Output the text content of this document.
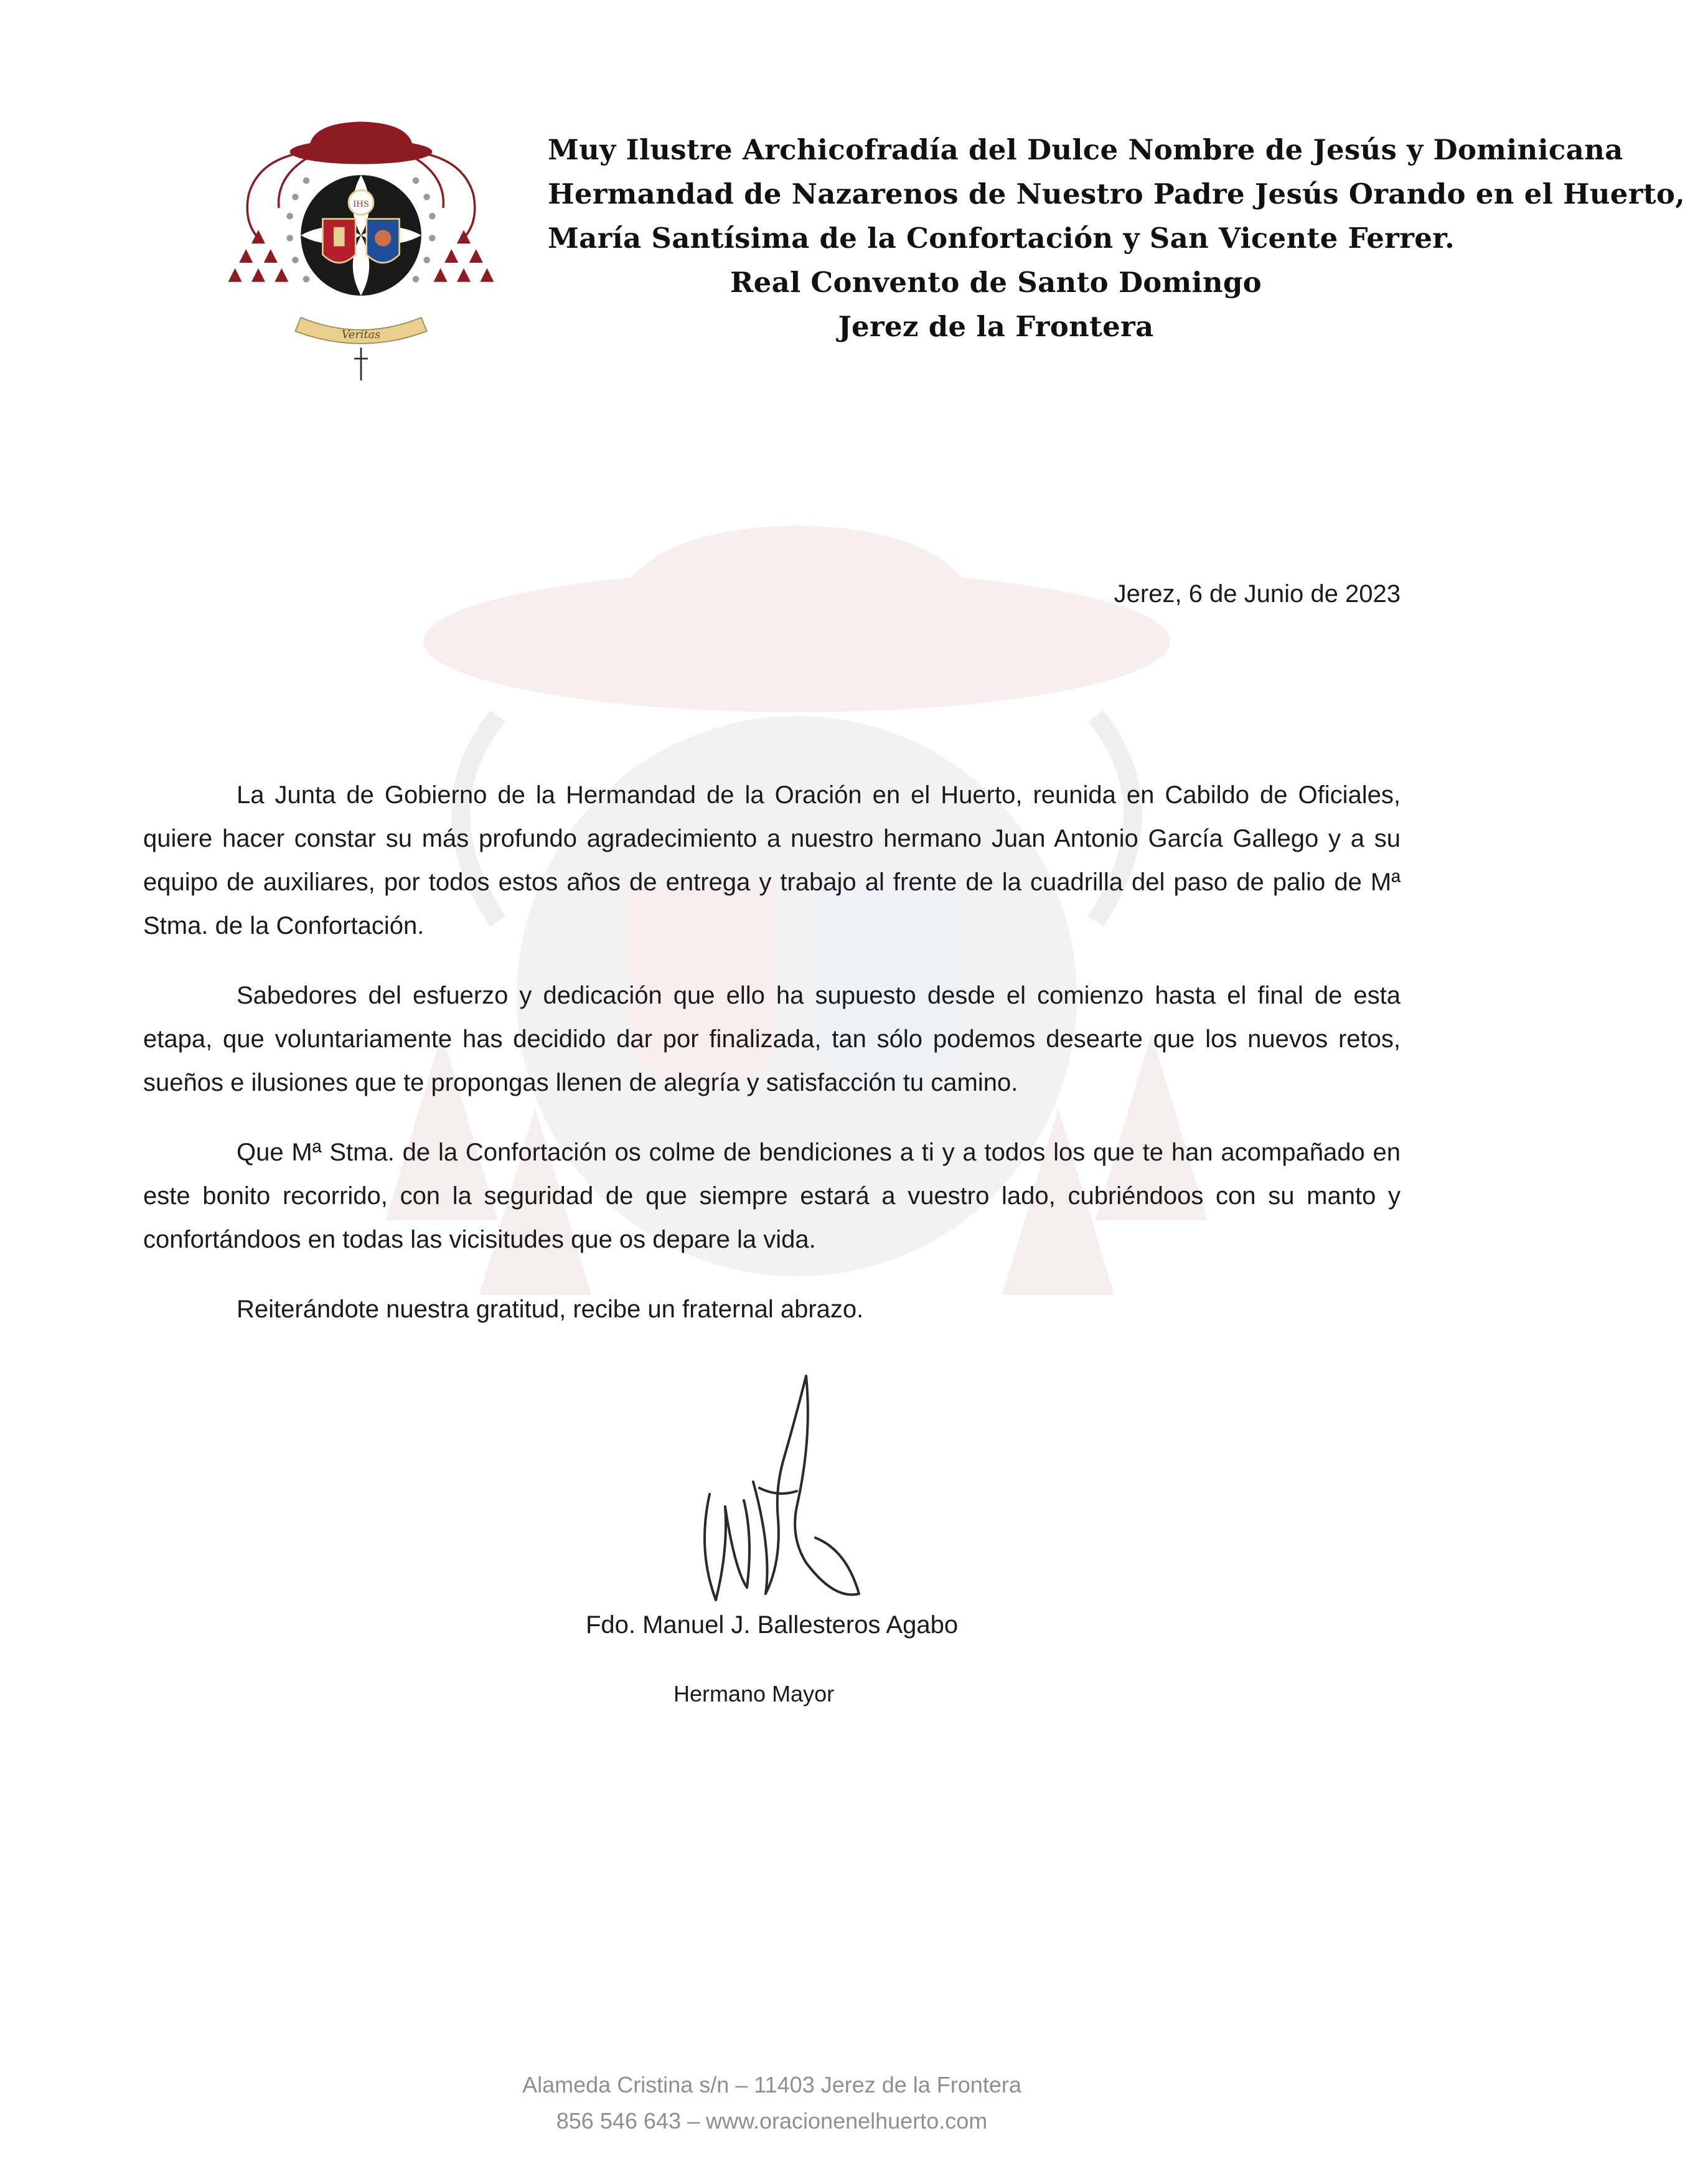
IHS
Veritas
Muy Ilustre Archicofradía del Dulce Nombre de Jesús y Dominicana
Hermandad de Nazarenos de Nuestro Padre Jesús Orando en el Huerto,
María Santísima de la Confortación y San Vicente Ferrer.
Real Convento de Santo Domingo
Jerez de la Frontera
Jerez, 6 de Junio de 2023

La Junta de Gobierno de la Hermandad de la Oración en el Huerto, reunida en Cabildo de Oficiales, quiere hacer constar su más profundo agradecimiento a nuestro hermano Juan Antonio García Gallego y a su equipo de auxiliares, por todos estos años de entrega y trabajo al frente de la cuadrilla del paso de palio de Mª Stma. de la Confortación.

Sabedores del esfuerzo y dedicación que ello ha supuesto desde el comienzo hasta el final de esta etapa, que voluntariamente has decidido dar por finalizada, tan sólo podemos desearte que los nuevos retos, sueños e ilusiones que te propongas llenen de alegría y satisfacción tu camino.

Que Mª Stma. de la Confortación os colme de bendiciones a ti y a todos los que te han acompañado en este bonito recorrido, con la seguridad de que siempre estará a vuestro lado, cubriéndoos con su manto y confortándoos en todas las vicisitudes que os depare la vida.

Reiterándote nuestra gratitud, recibe un fraternal abrazo.

Fdo. Manuel J. Ballesteros Agabo
Hermano Mayor
Alameda Cristina s/n – 11403 Jerez de la Frontera
856 546 643 – www.oracionenelhuerto.com
